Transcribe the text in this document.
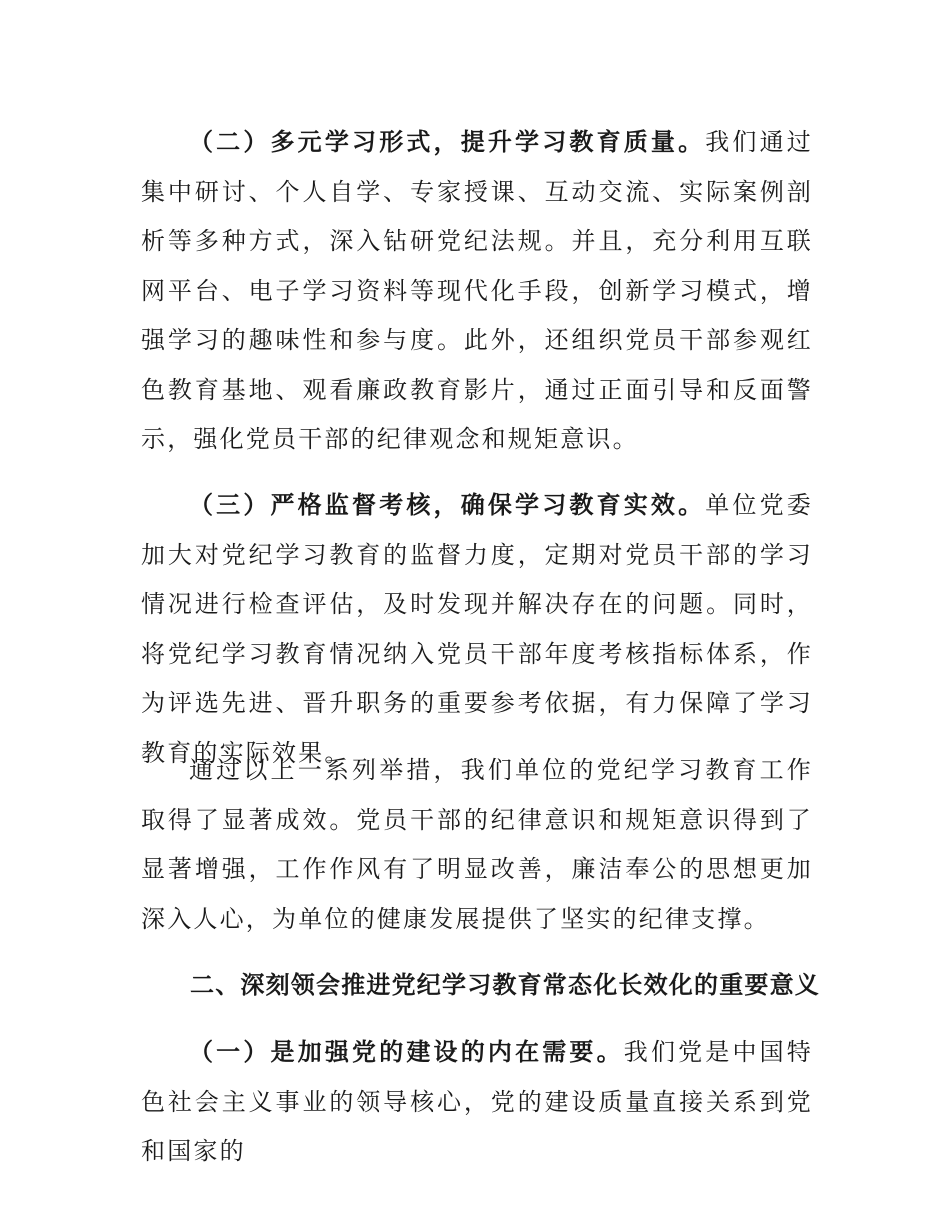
（二）多元学习形式，提升学习教育质量。我们通过集中研讨、个人自学、专家授课、互动交流、实际案例剖析等多种方式，深入钻研党纪法规。并且，充分利用互联网平台、电子学习资料等现代化手段，创新学习模式，增强学习的趣味性和参与度。此外，还组织党员干部参观红色教育基地、观看廉政教育影片，通过正面引导和反面警示，强化党员干部的纪律观念和规矩意识。

（三）严格监督考核，确保学习教育实效。单位党委加大对党纪学习教育的监督力度，定期对党员干部的学习情况进行检查评估，及时发现并解决存在的问题。同时，将党纪学习教育情况纳入党员干部年度考核指标体系，作为评选先进、晋升职务的重要参考依据，有力保障了学习教育的实际效果。

通过以上一系列举措，我们单位的党纪学习教育工作取得了显著成效。党员干部的纪律意识和规矩意识得到了显著增强，工作作风有了明显改善，廉洁奉公的思想更加深入人心，为单位的健康发展提供了坚实的纪律支撑。

二、深刻领会推进党纪学习教育常态化长效化的重要意义

（一）是加强党的建设的内在需要。我们党是中国特色社会主义事业的领导核心，党的建设质量直接关系到党和国家的
